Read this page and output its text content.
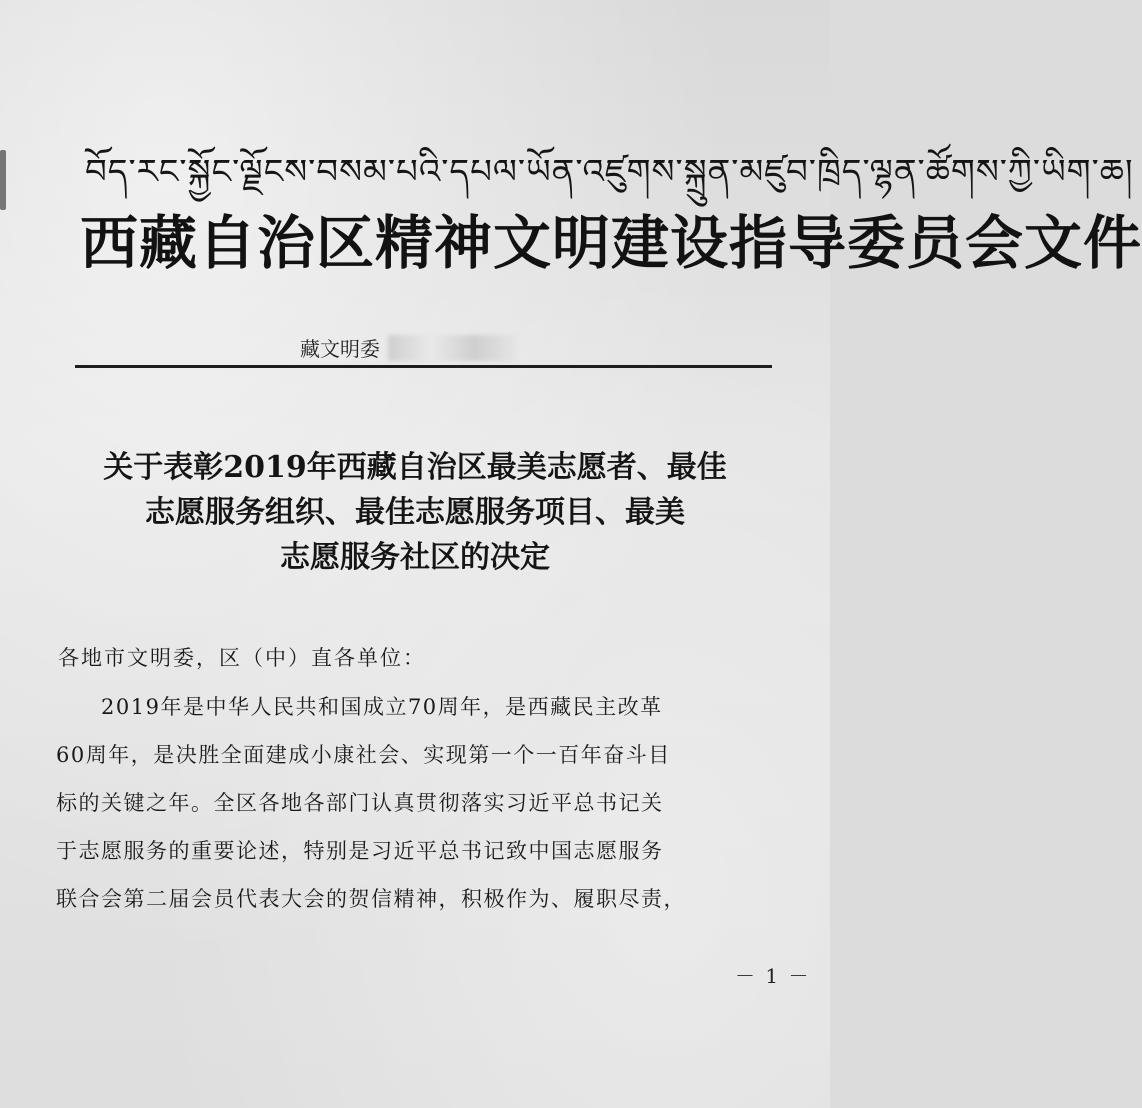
བོད་རང་སྐྱོང་ལྗོངས་བསམ་པའི་དཔལ་ཡོན་འཛུགས་སྐྲུན་མཛུབ་ཁྲིད་ལྷན་ཚོགས་ཀྱི་ཡིག་ཆ།
西藏自治区精神文明建设指导委员会文件
藏文明委
关于表彰2019年西藏自治区最美志愿者、最佳
志愿服务组织、最佳志愿服务项目、最美
志愿服务社区的决定
各地市文明委，区（中）直各单位：
　　2019年是中华人民共和国成立70周年，是西藏民主改革
60周年，是决胜全面建成小康社会、实现第一个一百年奋斗目
标的关键之年。全区各地各部门认真贯彻落实习近平总书记关
于志愿服务的重要论述，特别是习近平总书记致中国志愿服务
联合会第二届会员代表大会的贺信精神，积极作为、履职尽责，
－ 1 －
